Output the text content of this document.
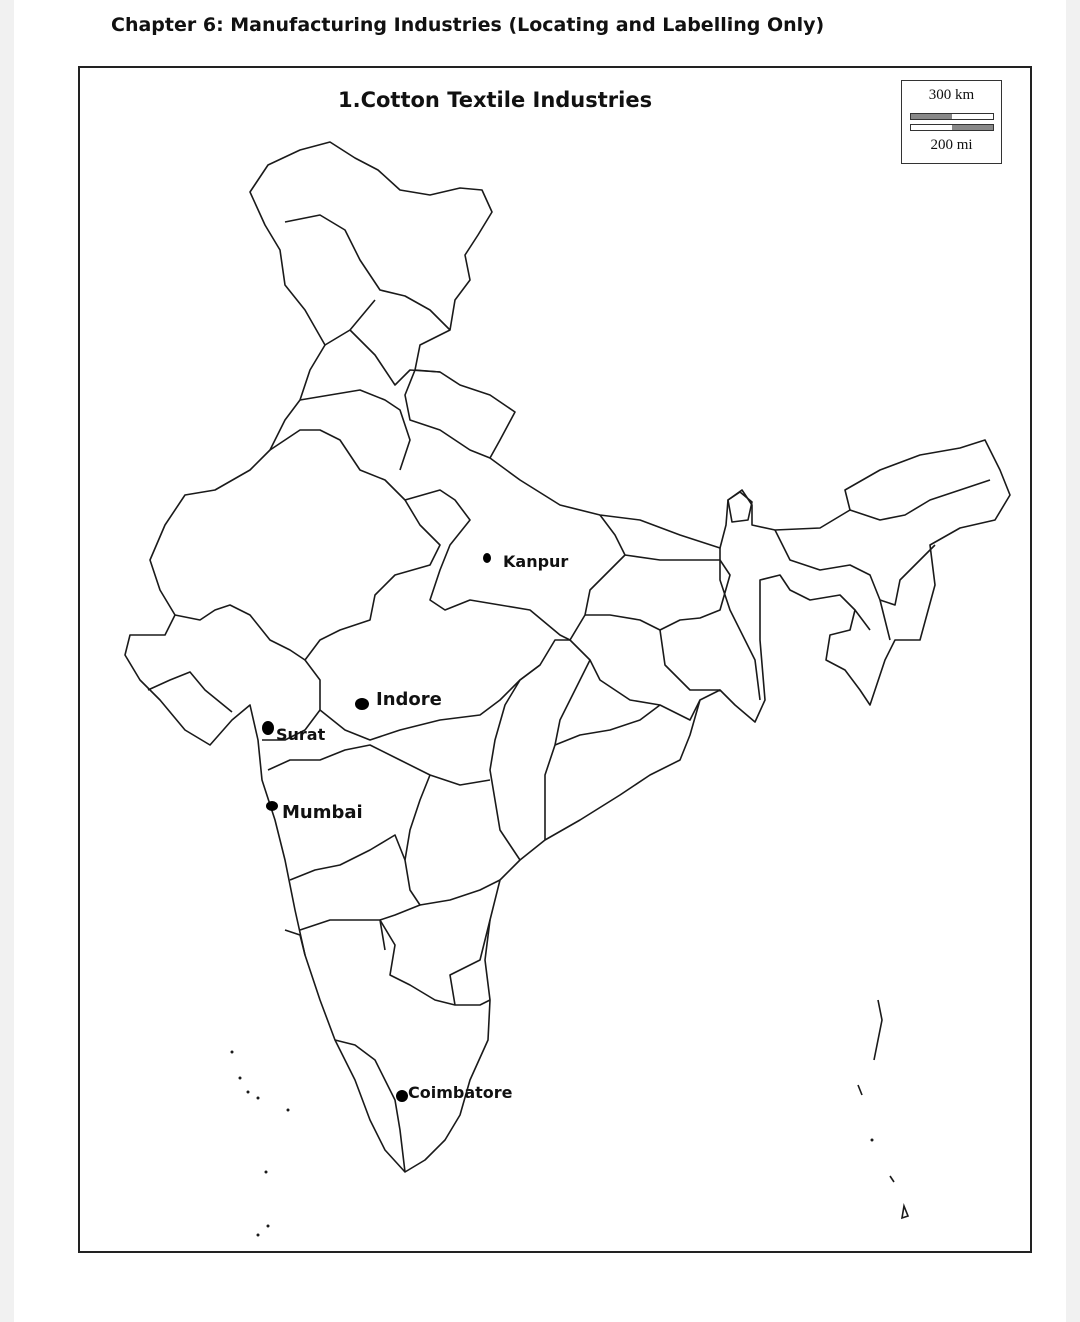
Chapter 6: Manufacturing Industries (Locating and Labelling Only)
1.Cotton Textile Industries	300 km
200 mi
Kanpur
Indore
Surat
Mumbai
Coimbatore
